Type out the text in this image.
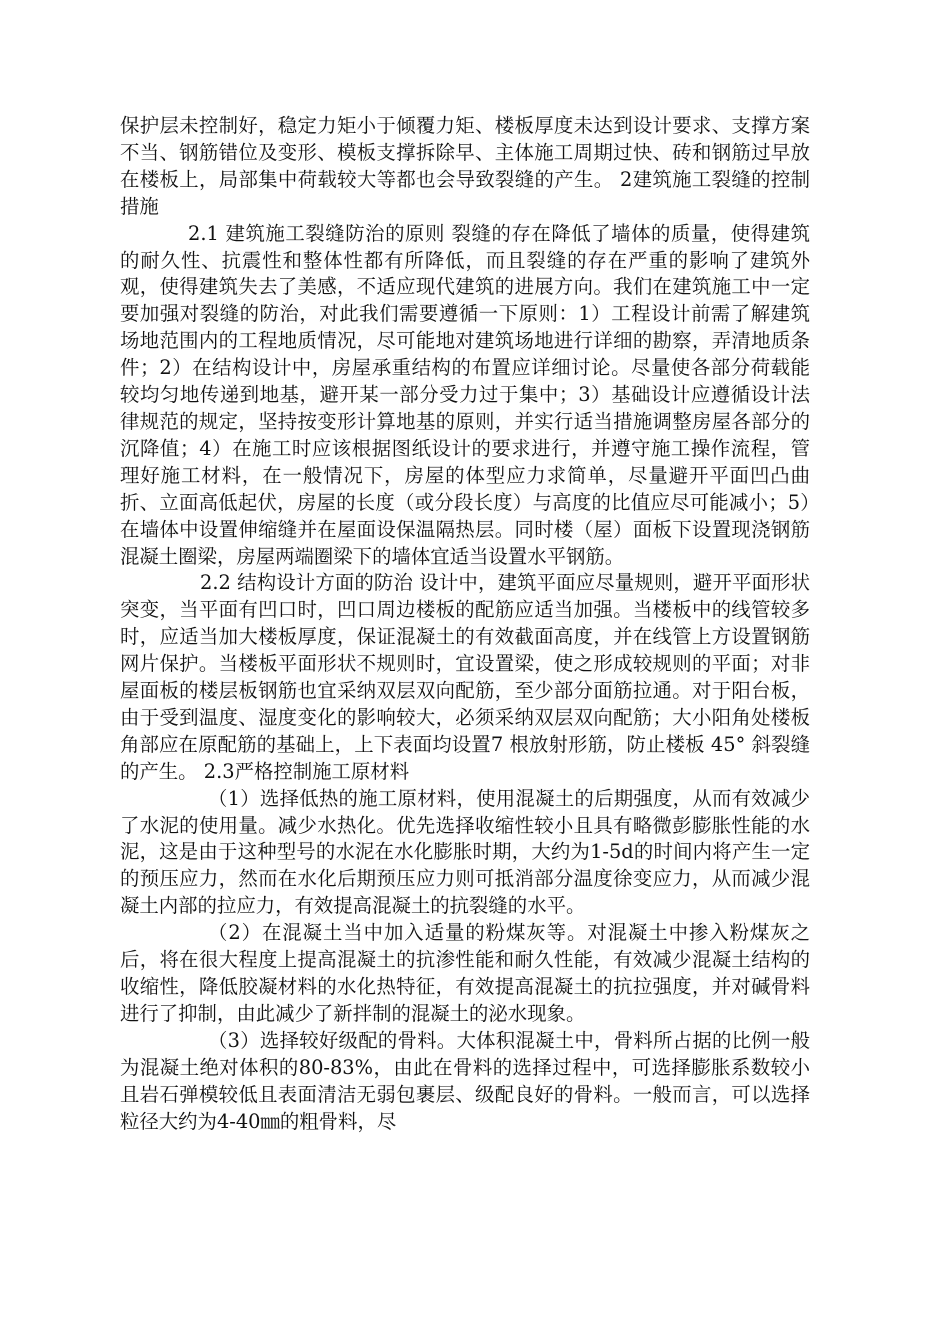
保护层未控制好，稳定力矩小于倾覆力矩、楼板厚度未达到设计要求、支撑方案不当、钢筋错位及变形、模板支撑拆除早、主体施工周期过快、砖和钢筋过早放在楼板上，局部集中荷载较大等都也会导致裂缝的产生。 2建筑施工裂缝的控制措施

2.1 建筑施工裂缝防治的原则 裂缝的存在降低了墙体的质量，使得建筑的耐久性、抗震性和整体性都有所降低，而且裂缝的存在严重的影响了建筑外观，使得建筑失去了美感，不适应现代建筑的进展方向。我们在建筑施工中一定要加强对裂缝的防治，对此我们需要遵循一下原则：1）工程设计前需了解建筑场地范围内的工程地质情况，尽可能地对建筑场地进行详细的勘察，弄清地质条件；2）在结构设计中，房屋承重结构的布置应详细讨论。尽量使各部分荷载能较均匀地传递到地基，避开某一部分受力过于集中；3）基础设计应遵循设计法律规范的规定，坚持按变形计算地基的原则，并实行适当措施调整房屋各部分的沉降值；4）在施工时应该根据图纸设计的要求进行，并遵守施工操作流程，管理好施工材料，在一般情况下，房屋的体型应力求简单，尽量避开平面凹凸曲折、立面高低起伏，房屋的长度（或分段长度）与高度的比值应尽可能减小；5）在墙体中设置伸缩缝并在屋面设保温隔热层。同时楼（屋）面板下设置现浇钢筋混凝土圈梁，房屋两端圈梁下的墙体宜适当设置水平钢筋。

2.2 结构设计方面的防治 设计中，建筑平面应尽量规则，避开平面形状突变，当平面有凹口时，凹口周边楼板的配筋应适当加强。当楼板中的线管较多时，应适当加大楼板厚度，保证混凝土的有效截面高度，并在线管上方设置钢筋网片保护。当楼板平面形状不规则时，宜设置梁，使之形成较规则的平面；对非屋面板的楼层板钢筋也宜采纳双层双向配筋，至少部分面筋拉通。对于阳台板，由于受到温度、湿度变化的影响较大，必须采纳双层双向配筋；大小阳角处楼板角部应在原配筋的基础上，上下表面均设置7 根放射形筋，防止楼板 45° 斜裂缝的产生。 2.3严格控制施工原材料

（1）选择低热的施工原材料，使用混凝土的后期强度，从而有效减少了水泥的使用量。减少水热化。优先选择收缩性较小且具有略微彭膨胀性能的水泥，这是由于这种型号的水泥在水化膨胀时期，大约为1-5d的时间内将产生一定的预压应力，然而在水化后期预压应力则可抵消部分温度徐变应力，从而减少混凝土内部的拉应力，有效提高混凝土的抗裂缝的水平。

（2）在混凝土当中加入适量的粉煤灰等。对混凝土中掺入粉煤灰之后，将在很大程度上提高混凝土的抗渗性能和耐久性能，有效减少混凝土结构的收缩性，降低胶凝材料的水化热特征，有效提高混凝土的抗拉强度，并对碱骨料进行了抑制，由此减少了新拌制的混凝土的泌水现象。

（3）选择较好级配的骨料。大体积混凝土中，骨料所占据的比例一般为混凝土绝对体积的80-83%，由此在骨料的选择过程中，可选择膨胀系数较小且岩石弹模较低且表面清洁无弱包裹层、级配良好的骨料。一般而言，可以选择粒径大约为4-40㎜的粗骨料，尽
